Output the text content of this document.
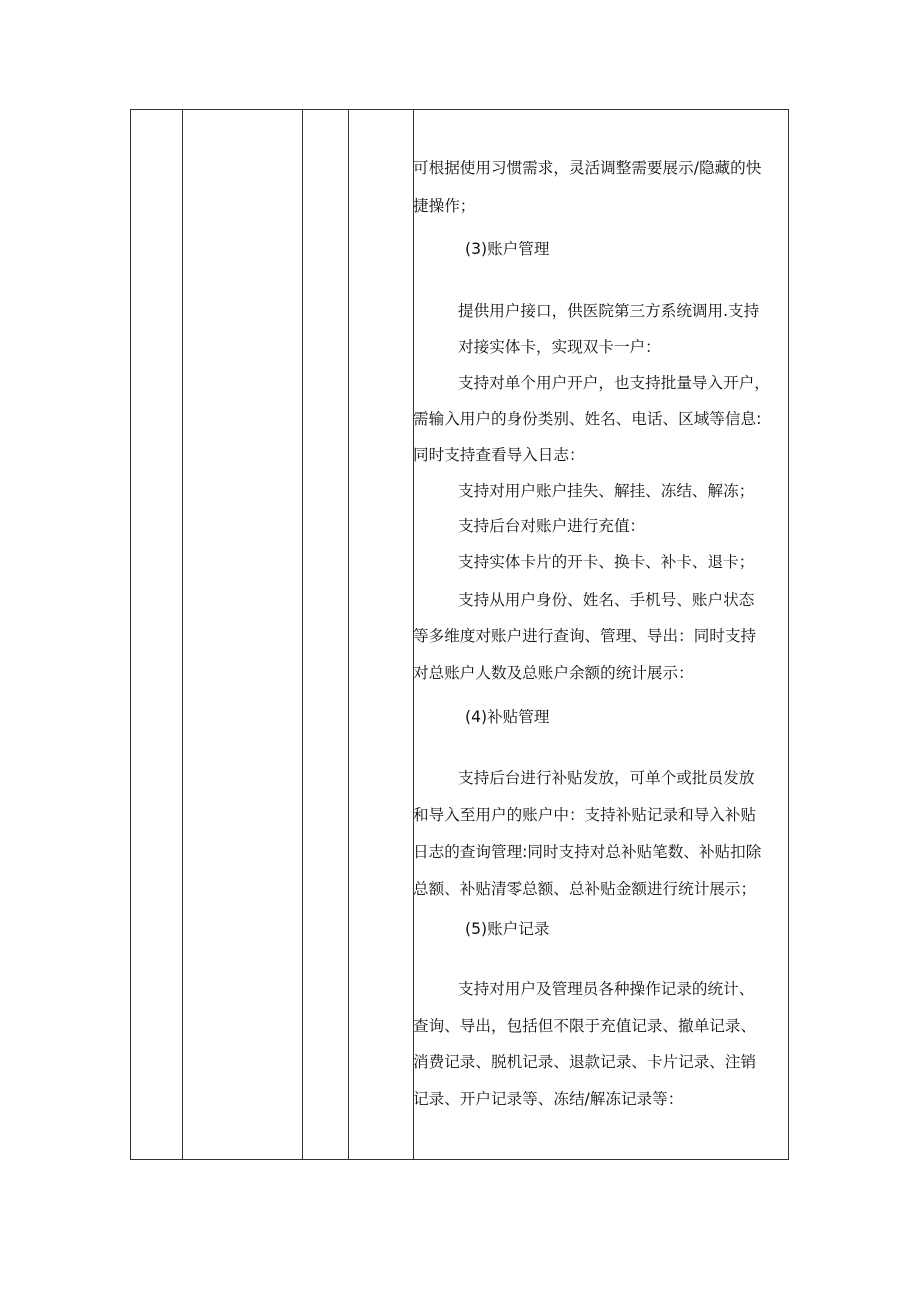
可根据使用习惯需求，灵活调整需要展示/隐藏的快
捷操作；
(3)账户管理
提供用户接口，供医院第三方系统调用.支持
对接实体卡，实现双卡一户：
支持对单个用户开户，也支持批量导入开户，
需输入用户的身份类别、姓名、电话、区域等信息:
同时支持查看导入日志：
支持对用户账户挂失、解挂、冻结、解冻；
支持后台对账户进行充值：
支持实体卡片的开卡、换卡、补卡、退卡；
支持从用户身份、姓名、手机号、账户状态
等多维度对账户进行查询、管理、导出：同时支持
对总账户人数及总账户余额的统计展示：
(4)补贴管理
支持后台进行补贴发放，可单个或批员发放
和导入至用户的账户中：支持补贴记录和导入补贴
日志的查询管理:同时支持对总补贴笔数、补贴扣除
总额、补贴清零总额、总补贴金额进行统计展示；
(5)账户记录
支持对用户及管理员各种操作记录的统计、
查询、导出，包括但不限于充值记录、撤单记录、
消费记录、脱机记录、退款记录、卡片记录、注销
记录、开户记录等、冻结/解冻记录等：
